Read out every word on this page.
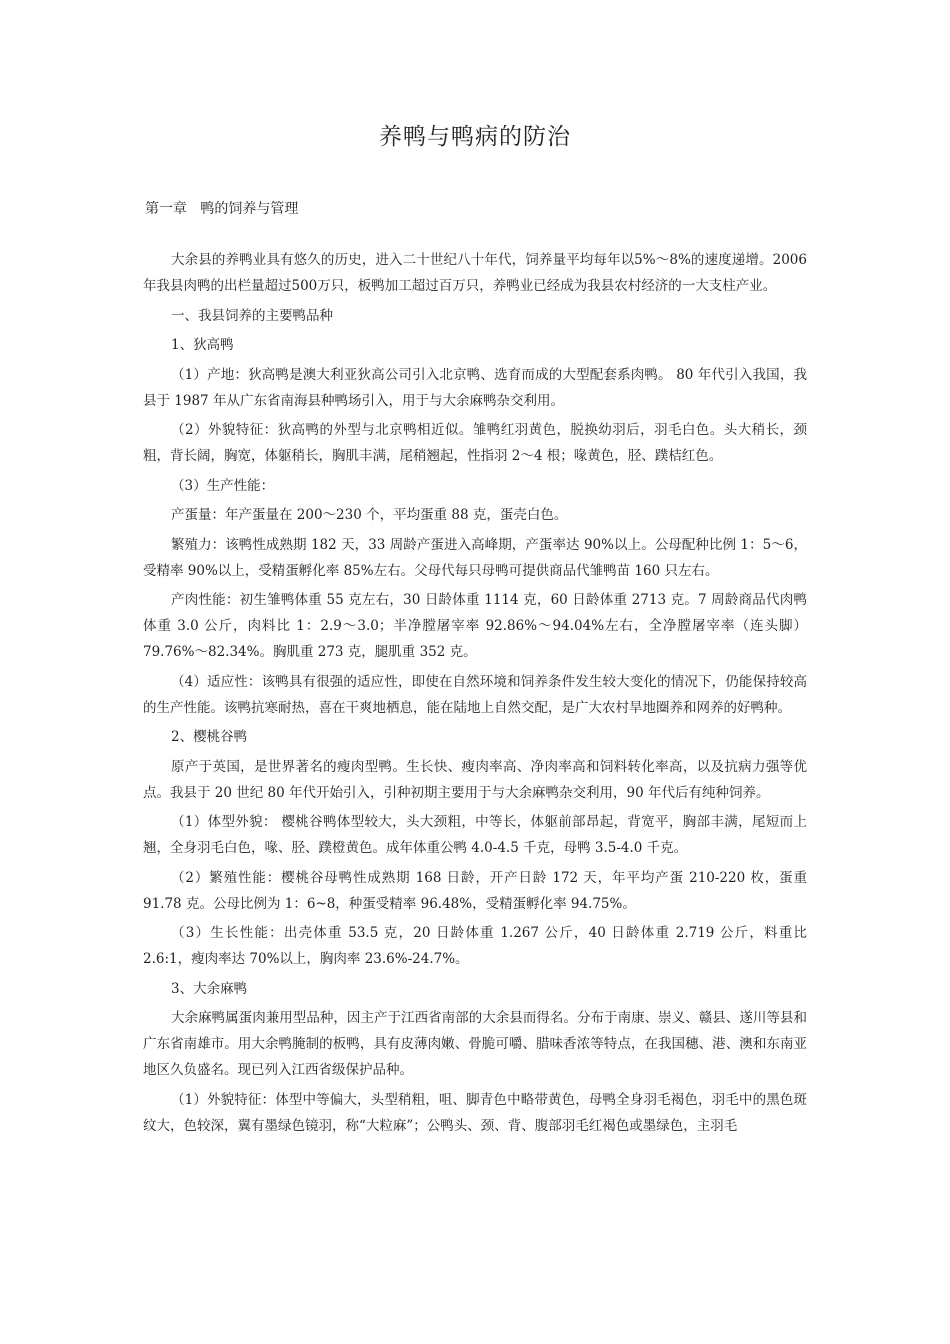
养鸭与鸭病的防治
第一章   鸭的饲养与管理

大余县的养鸭业具有悠久的历史，进入二十世纪八十年代，饲养量平均每年以5%～8%的速度递增。2006年我县肉鸭的出栏量超过500万只，板鸭加工超过百万只，养鸭业已经成为我县农村经济的一大支柱产业。

一、我县饲养的主要鸭品种

1、狄高鸭

（1）产地：狄高鸭是澳大利亚狄高公司引入北京鸭、选育而成的大型配套系肉鸭。 80 年代引入我国，我县于 1987 年从广东省南海县种鸭场引入，用于与大余麻鸭杂交利用。

（2）外貌特征：狄高鸭的外型与北京鸭相近似。雏鸭红羽黄色，脱换幼羽后，羽毛白色。头大稍长，颈粗，背长阔，胸宽，体躯稍长，胸肌丰满，尾稍翘起，性指羽 2～4 根；喙黄色，胫、蹼桔红色。

（3）生产性能：

产蛋量：年产蛋量在 200～230 个，平均蛋重 88 克，蛋壳白色。

繁殖力：该鸭性成熟期 182 天，33 周龄产蛋进入高峰期，产蛋率达 90%以上。公母配种比例 1：5～6，受精率 90%以上，受精蛋孵化率 85%左右。父母代每只母鸭可提供商品代雏鸭苗 160 只左右。

产肉性能：初生雏鸭体重 55 克左右，30 日龄体重 1114 克，60 日龄体重 2713 克。7 周龄商品代肉鸭体重 3.0 公斤，肉料比 1：2.9～3.0；半净膛屠宰率 92.86%～94.04%左右，全净膛屠宰率（连头脚）79.76%～82.34%。胸肌重 273 克，腿肌重 352 克。

（4）适应性：该鸭具有很强的适应性，即使在自然环境和饲养条件发生较大变化的情况下，仍能保持较高的生产性能。该鸭抗寒耐热，喜在干爽地栖息，能在陆地上自然交配，是广大农村旱地圈养和网养的好鸭种。

2、樱桃谷鸭

原产于英国，是世界著名的瘦肉型鸭。生长快、瘦肉率高、净肉率高和饲料转化率高，以及抗病力强等优点。我县于 20 世纪 80 年代开始引入，引种初期主要用于与大余麻鸭杂交利用，90 年代后有纯种饲养。

（1）体型外貌： 樱桃谷鸭体型较大，头大颈粗，中等长，体躯前部昂起，背宽平，胸部丰满，尾短而上翘，全身羽毛白色，喙、胫、蹼橙黄色。成年体重公鸭 4.0-4.5 千克，母鸭 3.5-4.0 千克。

（2）繁殖性能：樱桃谷母鸭性成熟期 168 日龄，开产日龄 172 天，年平均产蛋 210-220 枚，蛋重 91.78 克。公母比例为 1：6~8，种蛋受精率 96.48%，受精蛋孵化率 94.75%。

（3）生长性能：出壳体重 53.5 克，20 日龄体重 1.267 公斤，40 日龄体重 2.719 公斤，料重比 2.6:1，瘦肉率达 70%以上，胸肉率 23.6%-24.7%。

3、大余麻鸭

大余麻鸭属蛋肉兼用型品种，因主产于江西省南部的大余县而得名。分布于南康、崇义、赣县、遂川等县和广东省南雄市。用大余鸭腌制的板鸭，具有皮薄肉嫩、骨脆可嚼、腊味香浓等特点，在我国穗、港、澳和东南亚地区久负盛名。现已列入江西省级保护品种。

（1）外貌特征：体型中等偏大，头型稍粗，咀、脚青色中略带黄色，母鸭全身羽毛褐色，羽毛中的黑色斑纹大，色较深，翼有墨绿色镜羽，称“大粒麻”；公鸭头、颈、背、腹部羽毛红褐色或墨绿色，主羽毛
